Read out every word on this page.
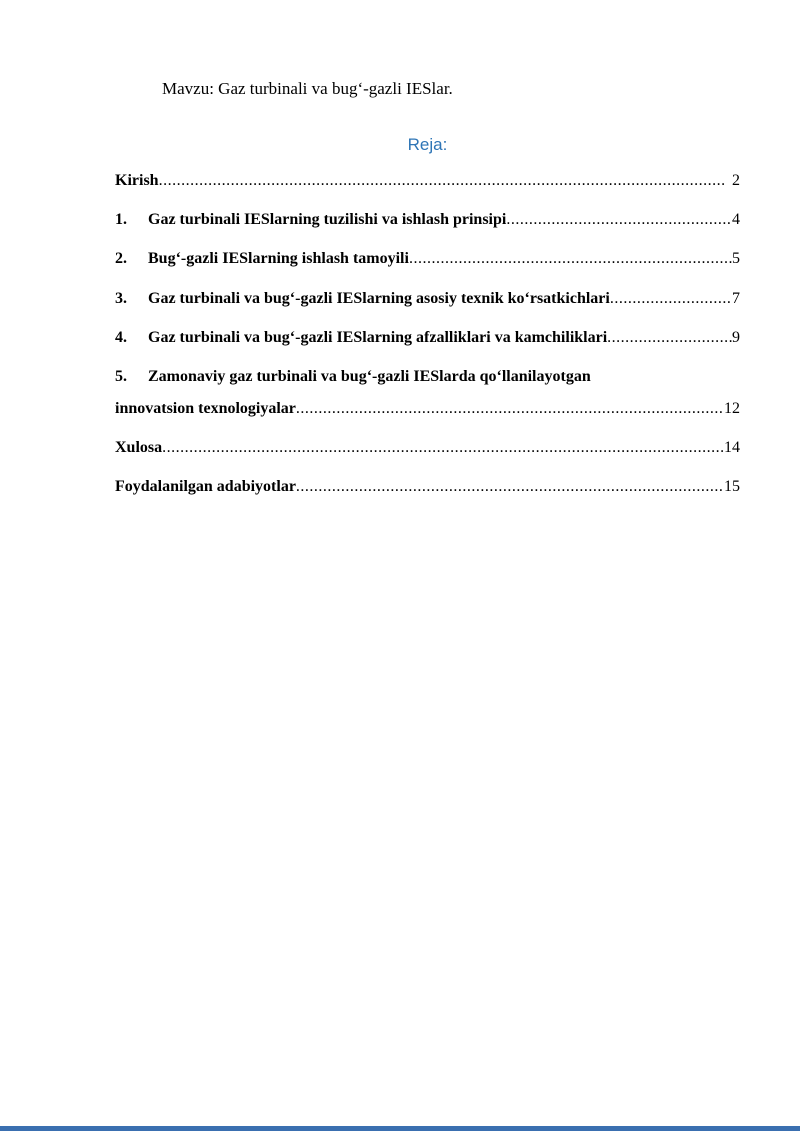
Mavzu: Gaz turbinali va bugʻ-gazli IESlar.

Reja:

Kirish .....	2
1.	Gaz turbinali IESlarning tuzilishi va ishlash prinsipi .....	4
2.	Bugʻ-gazli IESlarning ishlash tamoyili .....	5
3.	Gaz turbinali va bugʻ-gazli IESlarning asosiy texnik koʻrsatkichlari .....	7
4.	Gaz turbinali va bugʻ-gazli IESlarning afzalliklari va kamchiliklari .....	9
5.	Zamonaviy gaz turbinali va bugʻ-gazli IESlarda qoʻllanilayotgan
innovatsion texnologiyalar .....	12
Xulosa .....	14
Foydalanilgan adabiyotlar .....	15
